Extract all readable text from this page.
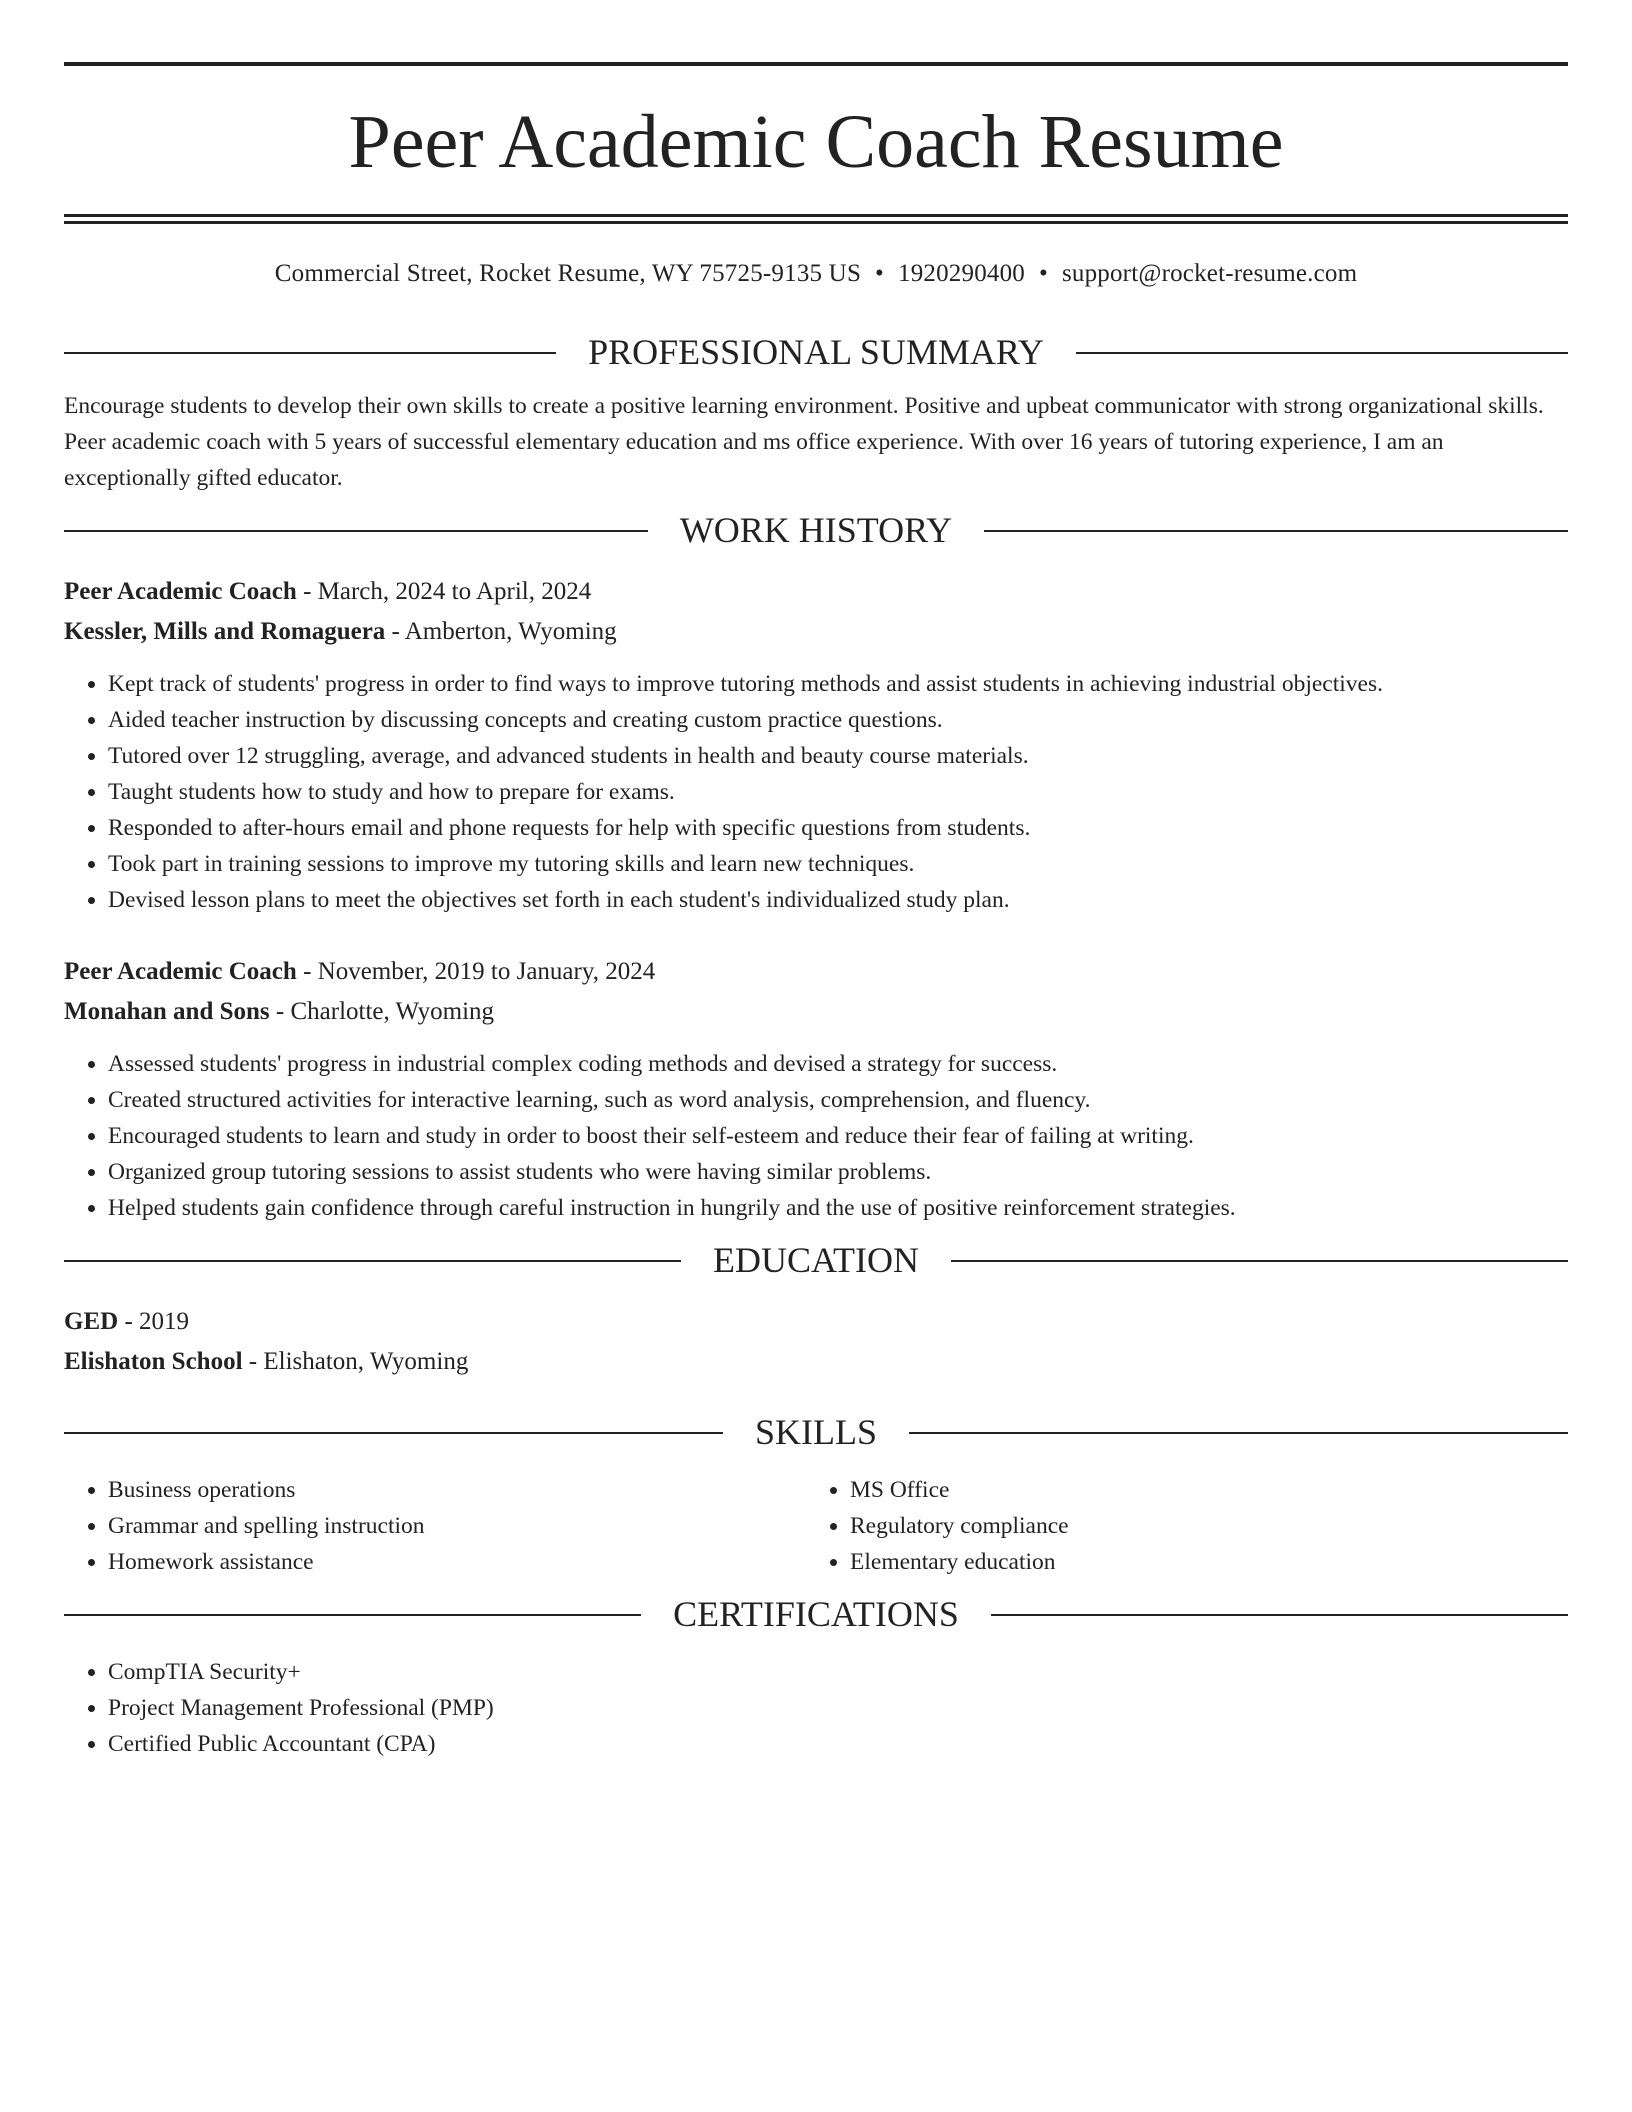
Peer Academic Coach Resume
Commercial Street, Rocket Resume, WY 75725-9135 US • 1920290400 • support@rocket-resume.com
PROFESSIONAL SUMMARY
Encourage students to develop their own skills to create a positive learning environment. Positive and upbeat communicator with strong organizational skills. Peer academic coach with 5 years of successful elementary education and ms office experience. With over 16 years of tutoring experience, I am an exceptionally gifted educator.
WORK HISTORY
Peer Academic Coach - March, 2024 to April, 2024
Kessler, Mills and Romaguera - Amberton, Wyoming
• Kept track of students' progress in order to find ways to improve tutoring methods and assist students in achieving industrial objectives.
• Aided teacher instruction by discussing concepts and creating custom practice questions.
• Tutored over 12 struggling, average, and advanced students in health and beauty course materials.
• Taught students how to study and how to prepare for exams.
• Responded to after-hours email and phone requests for help with specific questions from students.
• Took part in training sessions to improve my tutoring skills and learn new techniques.
• Devised lesson plans to meet the objectives set forth in each student's individualized study plan.
Peer Academic Coach - November, 2019 to January, 2024
Monahan and Sons - Charlotte, Wyoming
• Assessed students' progress in industrial complex coding methods and devised a strategy for success.
• Created structured activities for interactive learning, such as word analysis, comprehension, and fluency.
• Encouraged students to learn and study in order to boost their self-esteem and reduce their fear of failing at writing.
• Organized group tutoring sessions to assist students who were having similar problems.
• Helped students gain confidence through careful instruction in hungrily and the use of positive reinforcement strategies.
EDUCATION
GED - 2019
Elishaton School - Elishaton, Wyoming
SKILLS
• Business operations
• Grammar and spelling instruction
• Homework assistance
• MS Office
• Regulatory compliance
• Elementary education
CERTIFICATIONS
• CompTIA Security+
• Project Management Professional (PMP)
• Certified Public Accountant (CPA)
